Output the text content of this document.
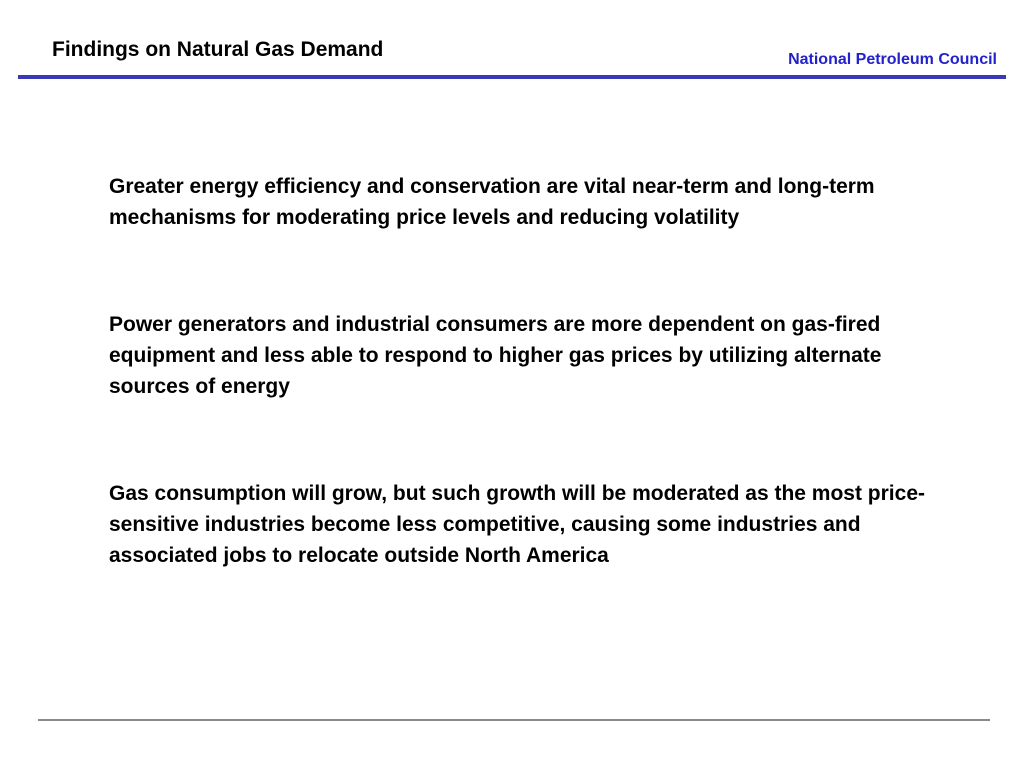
Findings on Natural Gas Demand	National Petroleum Council

Greater energy efficiency and conservation are vital near-term and long-term mechanisms for moderating price levels and reducing volatility

Power generators and industrial consumers are more dependent on gas-fired equipment and less able to respond to higher gas prices by utilizing alternate sources of energy

Gas consumption will grow, but such growth will be moderated as the most price-sensitive industries become less competitive, causing some industries and associated jobs to relocate outside North America
